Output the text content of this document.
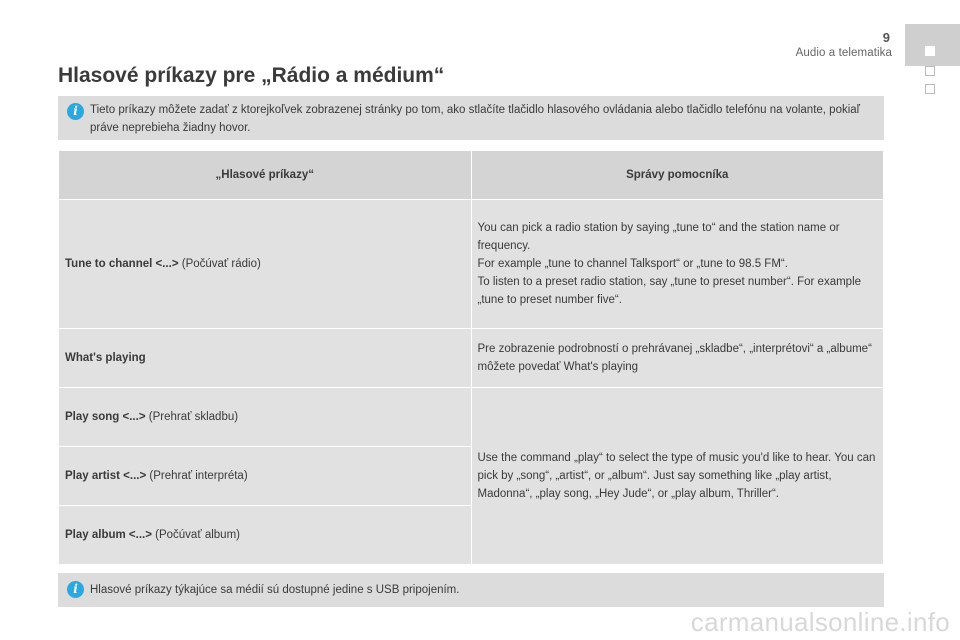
9
Audio a telematika
Hlasové príkazy pre „Rádio a médium“
i	Tieto príkazy môžete zadať z ktorejkoľvek zobrazenej stránky po tom, ako stlačíte tlačidlo hlasového ovládania alebo tlačidlo telefónu na volante, pokiaľ práve neprebieha žiadny hovor.
„Hlasové príkazy“	Správy pomocníka
Tune to channel <...> (Počúvať rádio)	You can pick a radio station by saying „tune to“ and the station name or frequency.
For example „tune to channel Talksport“ or „tune to 98.5 FM“.
To listen to a preset radio station, say „tune to preset number“. For example „tune to preset number five“.

What's playing	Pre zobrazenie podrobností o prehrávanej „skladbe“, „interprétovi“ a „albume“ môžete povedať What's playing
Play song <...> (Prehrať skladbu)	Use the command „play“ to select the type of music you'd like to hear. You can pick by „song“, „artist“, or „album“. Just say something like „play artist, Madonna“, „play song, „Hey Jude“, or „play album, Thriller“.
Play artist <...> (Prehrať interpréta)	
Play album <...> (Počúvať album)	
i	Hlasové príkazy týkajúce sa médií sú dostupné jedine s USB pripojením.
carmanualsonline.info
